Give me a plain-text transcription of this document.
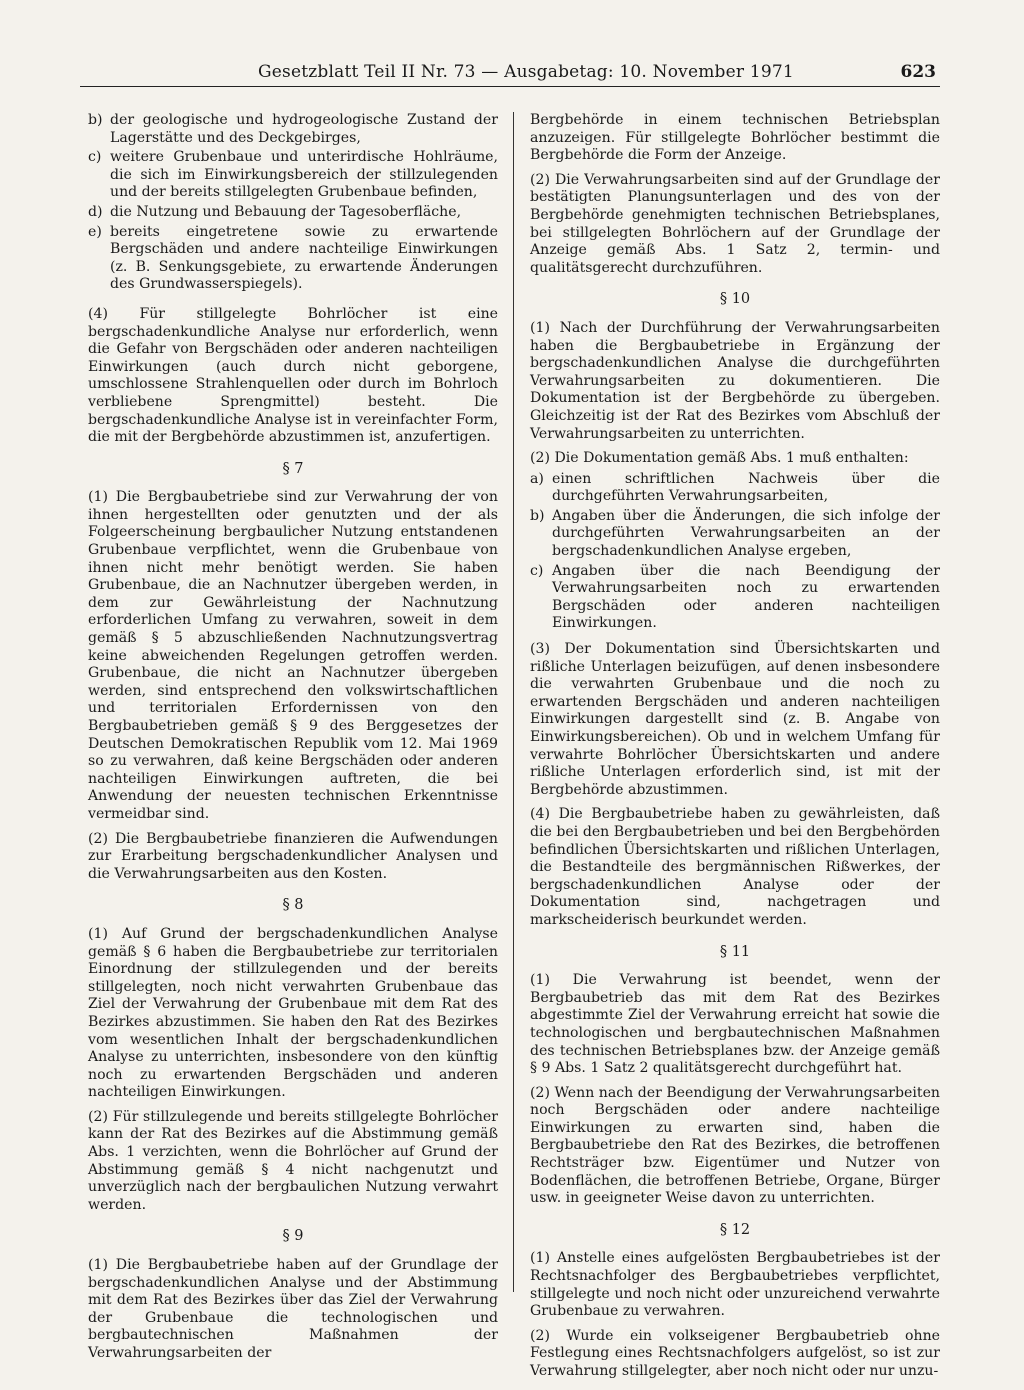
Gesetzblatt Teil II Nr. 73 — Ausgabetag: 10. November 1971	623
b) der geologische und hydrogeologische Zustand der Lagerstätte und des Deckgebirges,
c) weitere Grubenbaue und unterirdische Hohlräume, die sich im Einwirkungsbereich der stillzulegenden und der bereits stillgelegten Grubenbaue befinden,
d) die Nutzung und Bebauung der Tagesoberfläche,
e) bereits eingetretene sowie zu erwartende Bergschäden und andere nachteilige Einwirkungen (z. B. Senkungsgebiete, zu erwartende Änderungen des Grundwasserspiegels).

(4) Für stillgelegte Bohrlöcher ist eine bergschadenkundliche Analyse nur erforderlich, wenn die Gefahr von Bergschäden oder anderen nachteiligen Einwirkungen (auch durch nicht geborgene, umschlossene Strahlenquellen oder durch im Bohrloch verbliebene Sprengmittel) besteht. Die bergschadenkundliche Analyse ist in vereinfachter Form, die mit der Bergbehörde abzustimmen ist, anzufertigen.

§ 7

(1) Die Bergbaubetriebe sind zur Verwahrung der von ihnen hergestellten oder genutzten und der als Folgeerscheinung bergbaulicher Nutzung entstandenen Grubenbaue verpflichtet, wenn die Grubenbaue von ihnen nicht mehr benötigt werden. Sie haben Grubenbaue, die an Nachnutzer übergeben werden, in dem zur Gewährleistung der Nachnutzung erforderlichen Umfang zu verwahren, soweit in dem gemäß § 5 abzuschließenden Nachnutzungsvertrag keine abweichenden Regelungen getroffen werden. Grubenbaue, die nicht an Nachnutzer übergeben werden, sind entsprechend den volkswirtschaftlichen und territorialen Erfordernissen von den Bergbaubetrieben gemäß § 9 des Berggesetzes der Deutschen Demokratischen Republik vom 12. Mai 1969 so zu verwahren, daß keine Bergschäden oder anderen nachteiligen Einwirkungen auftreten, die bei Anwendung der neuesten technischen Erkenntnisse vermeidbar sind.

(2) Die Bergbaubetriebe finanzieren die Aufwendungen zur Erarbeitung bergschadenkundlicher Analysen und die Verwahrungsarbeiten aus den Kosten.

§ 8

(1) Auf Grund der bergschadenkundlichen Analyse gemäß § 6 haben die Bergbaubetriebe zur territorialen Einordnung der stillzulegenden und der bereits stillgelegten, noch nicht verwahrten Grubenbaue das Ziel der Verwahrung der Grubenbaue mit dem Rat des Bezirkes abzustimmen. Sie haben den Rat des Bezirkes vom wesentlichen Inhalt der bergschadenkundlichen Analyse zu unterrichten, insbesondere von den künftig noch zu erwartenden Bergschäden und anderen nachteiligen Einwirkungen.

(2) Für stillzulegende und bereits stillgelegte Bohrlöcher kann der Rat des Bezirkes auf die Abstimmung gemäß Abs. 1 verzichten, wenn die Bohrlöcher auf Grund der Abstimmung gemäß § 4 nicht nachgenutzt und unverzüglich nach der bergbaulichen Nutzung verwahrt werden.

§ 9

(1) Die Bergbaubetriebe haben auf der Grundlage der bergschadenkundlichen Analyse und der Abstimmung mit dem Rat des Bezirkes über das Ziel der Verwahrung der Grubenbaue die technologischen und bergbautechnischen Maßnahmen der Verwahrungsarbeiten der

Bergbehörde in einem technischen Betriebsplan anzuzeigen. Für stillgelegte Bohrlöcher bestimmt die Bergbehörde die Form der Anzeige.

(2) Die Verwahrungsarbeiten sind auf der Grundlage der bestätigten Planungsunterlagen und des von der Bergbehörde genehmigten technischen Betriebsplanes, bei stillgelegten Bohrlöchern auf der Grundlage der Anzeige gemäß Abs. 1 Satz 2, termin- und qualitätsgerecht durchzuführen.

§ 10

(1) Nach der Durchführung der Verwahrungsarbeiten haben die Bergbaubetriebe in Ergänzung der bergschadenkundlichen Analyse die durchgeführten Verwahrungsarbeiten zu dokumentieren. Die Dokumentation ist der Bergbehörde zu übergeben. Gleichzeitig ist der Rat des Bezirkes vom Abschluß der Verwahrungsarbeiten zu unterrichten.

(2) Die Dokumentation gemäß Abs. 1 muß enthalten:

a) einen schriftlichen Nachweis über die durchgeführten Verwahrungsarbeiten,
b) Angaben über die Änderungen, die sich infolge der durchgeführten Verwahrungsarbeiten an der bergschadenkundlichen Analyse ergeben,
c) Angaben über die nach Beendigung der Verwahrungsarbeiten noch zu erwartenden Bergschäden oder anderen nachteiligen Einwirkungen.

(3) Der Dokumentation sind Übersichtskarten und rißliche Unterlagen beizufügen, auf denen insbesondere die verwahrten Grubenbaue und die noch zu erwartenden Bergschäden und anderen nachteiligen Einwirkungen dargestellt sind (z. B. Angabe von Einwirkungsbereichen). Ob und in welchem Umfang für verwahrte Bohrlöcher Übersichtskarten und andere rißliche Unterlagen erforderlich sind, ist mit der Bergbehörde abzustimmen.

(4) Die Bergbaubetriebe haben zu gewährleisten, daß die bei den Bergbaubetrieben und bei den Bergbehörden befindlichen Übersichtskarten und rißlichen Unterlagen, die Bestandteile des bergmännischen Rißwerkes, der bergschadenkundlichen Analyse oder der Dokumentation sind, nachgetragen und markscheiderisch beurkundet werden.

§ 11

(1) Die Verwahrung ist beendet, wenn der Bergbaubetrieb das mit dem Rat des Bezirkes abgestimmte Ziel der Verwahrung erreicht hat sowie die technologischen und bergbautechnischen Maßnahmen des technischen Betriebsplanes bzw. der Anzeige gemäß § 9 Abs. 1 Satz 2 qualitätsgerecht durchgeführt hat.

(2) Wenn nach der Beendigung der Verwahrungsarbeiten noch Bergschäden oder andere nachteilige Einwirkungen zu erwarten sind, haben die Bergbaubetriebe den Rat des Bezirkes, die betroffenen Rechtsträger bzw. Eigentümer und Nutzer von Bodenflächen, die betroffenen Betriebe, Organe, Bürger usw. in geeigneter Weise davon zu unterrichten.

§ 12

(1) Anstelle eines aufgelösten Bergbaubetriebes ist der Rechtsnachfolger des Bergbaubetriebes verpflichtet, stillgelegte und noch nicht oder unzureichend verwahrte Grubenbaue zu verwahren.

(2) Wurde ein volkseigener Bergbaubetrieb ohne Festlegung eines Rechtsnachfolgers aufgelöst, so ist zur Verwahrung stillgelegter, aber noch nicht oder nur unzu-
